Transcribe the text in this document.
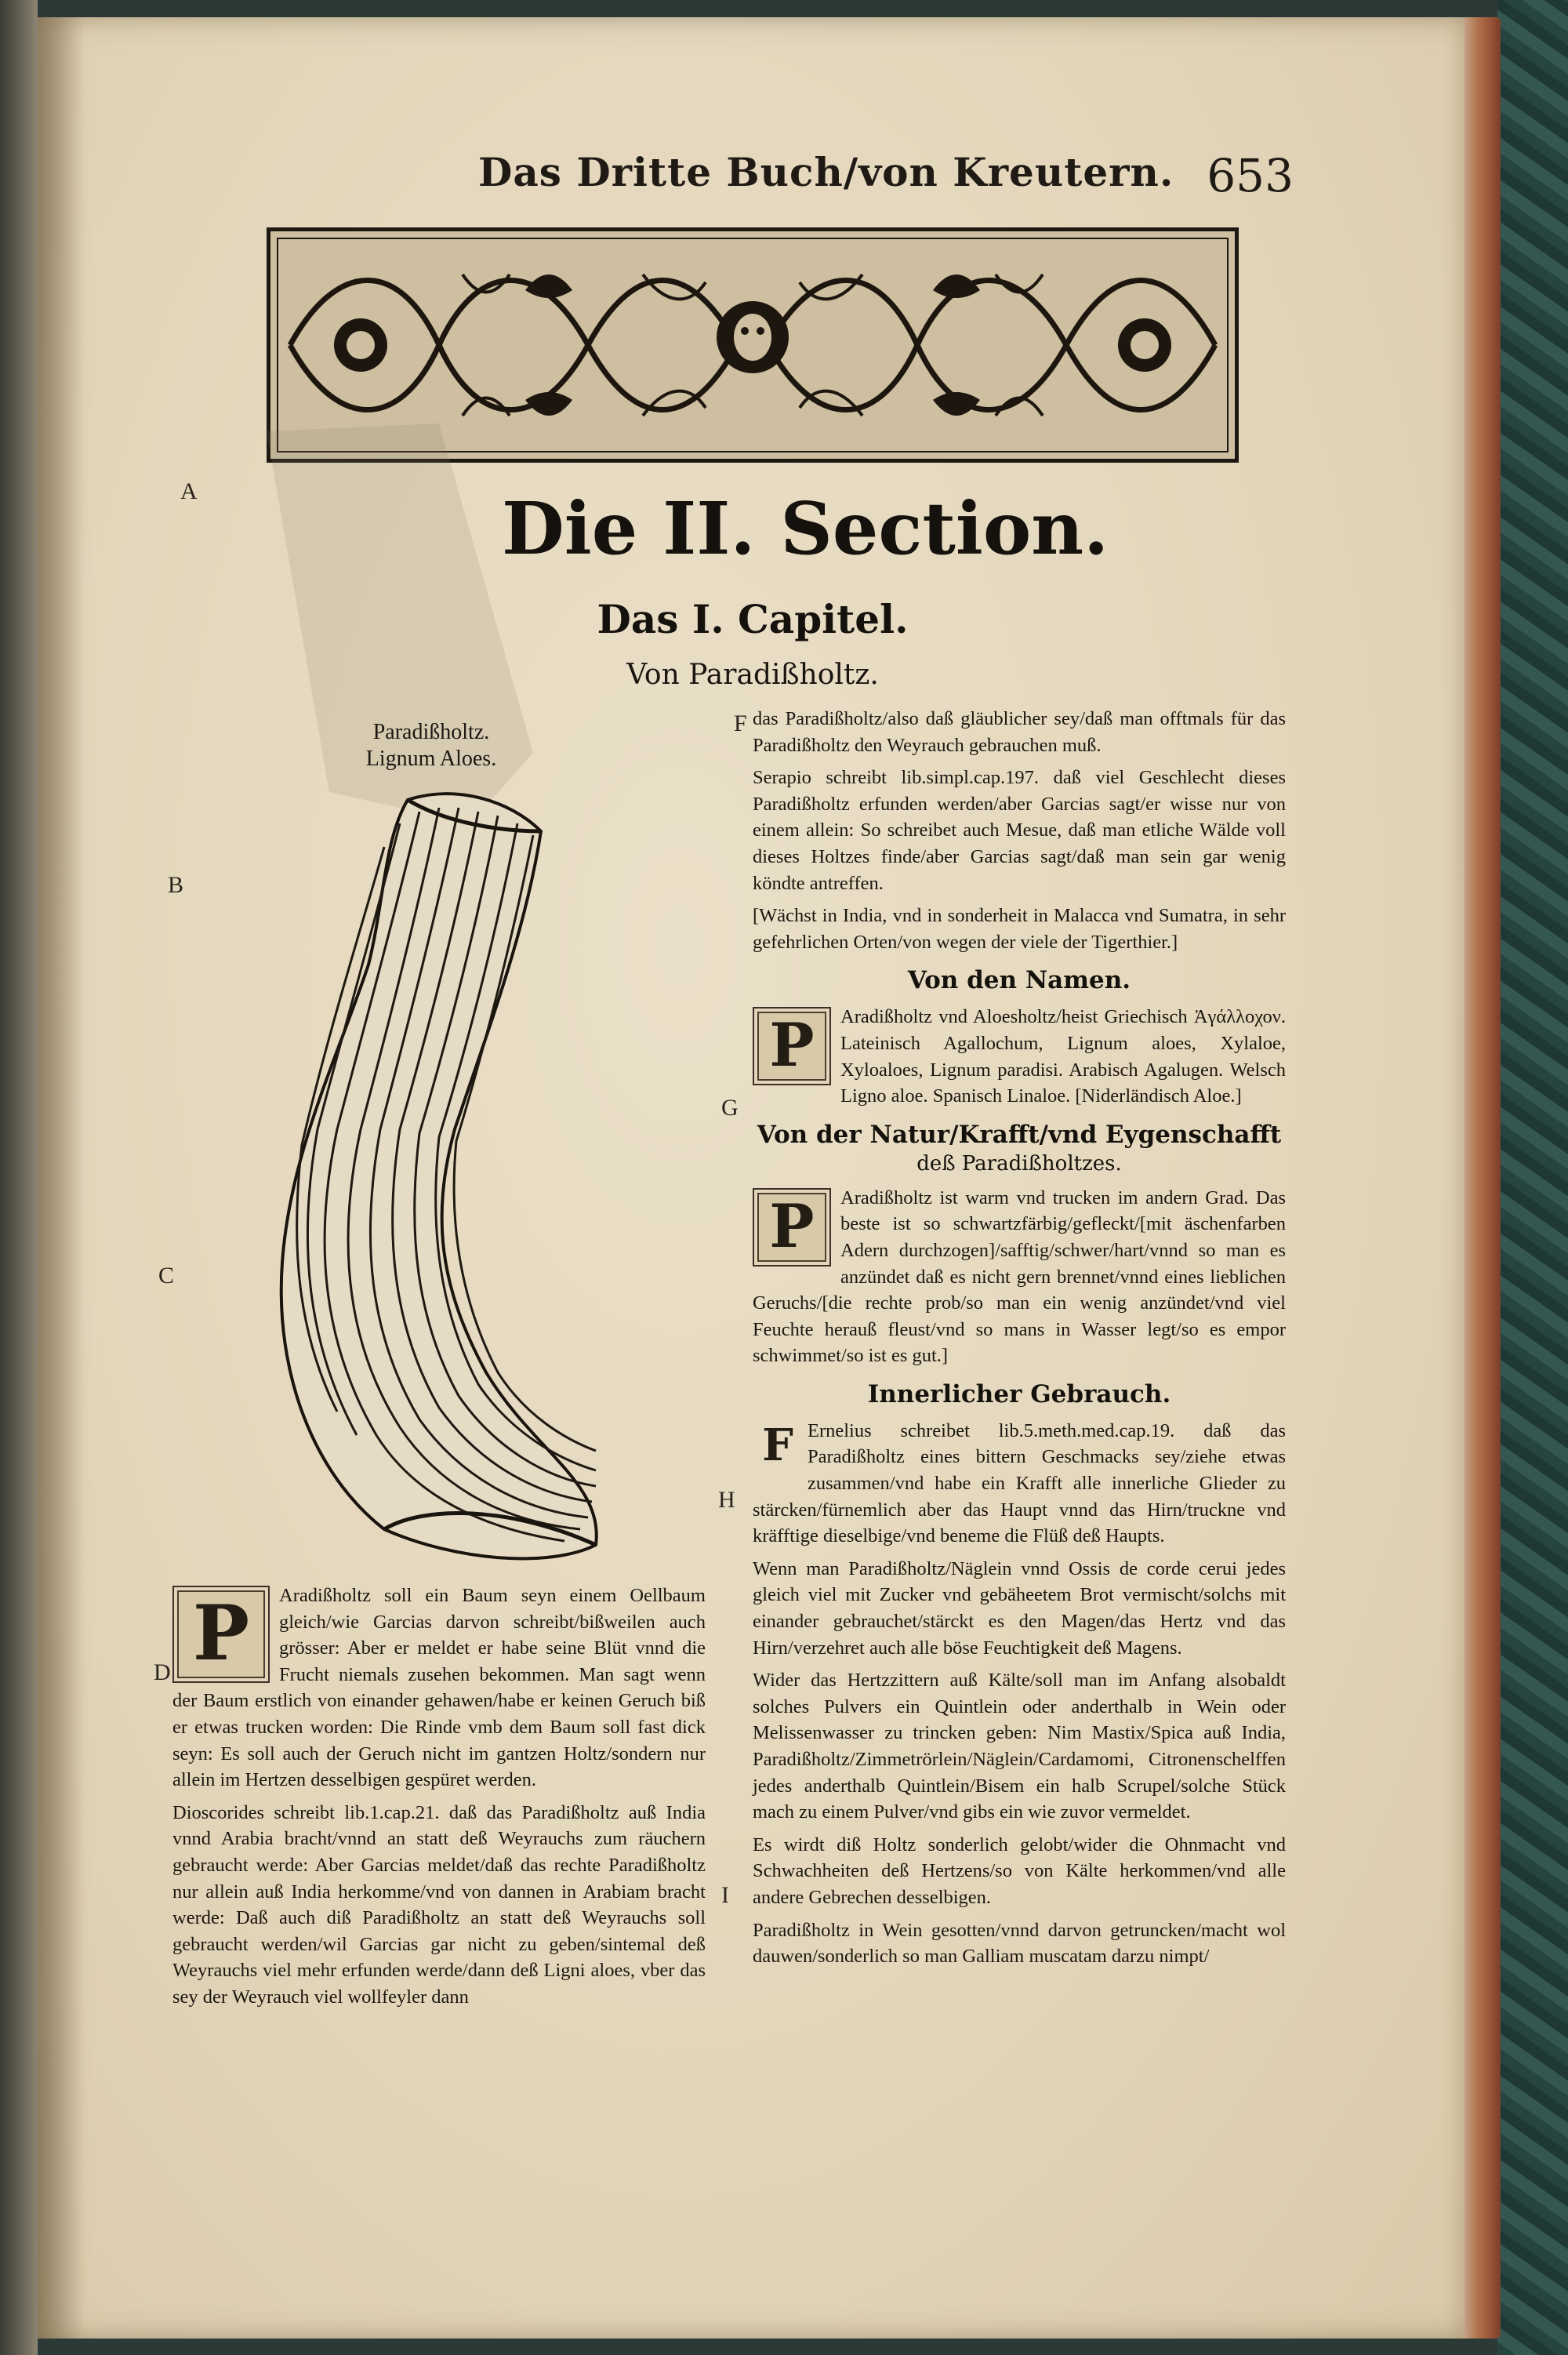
Das Dritte Buch/von Kreutern. 653
A
B
C
D
F
G
H
I
Die II. Section.
Das I. Capitel.
Von Paradißholtz.
Paradißholtz.
Lignum Aloes.
P	Aradißholtz soll ein Baum seyn einem Oellbaum gleich/wie Garcias darvon schreibt/bißweilen auch grösser: Aber er meldet er habe seine Blüt vnnd die Frucht niemals zusehen bekommen. Man sagt wenn der Baum erstlich von einander gehawen/habe er keinen Geruch biß er etwas trucken worden: Die Rinde vmb dem Baum soll fast dick seyn: Es soll auch der Geruch nicht im gantzen Holtz/sondern nur allein im Hertzen desselbigen gespüret werden.

Dioscorides schreibt lib.1.cap.21. daß das Paradißholtz auß India vnnd Arabia bracht/vnnd an statt deß Weyrauchs zum räuchern gebraucht werde: Aber Garcias meldet/daß das rechte Paradißholtz nur allein auß India herkomme/vnd von dannen in Arabiam bracht werde: Daß auch diß Paradißholtz an statt deß Weyrauchs soll gebraucht werden/wil Garcias gar nicht zu geben/sintemal deß Weyrauchs viel mehr erfunden werde/dann deß Ligni aloes, vber das sey der Weyrauch viel wollfeyler dann

das Paradißholtz/also daß gläublicher sey/daß man offtmals für das Paradißholtz den Weyrauch gebrauchen muß.

Serapio schreibt lib.simpl.cap.197. daß viel Geschlecht dieses Paradißholtz erfunden werden/aber Garcias sagt/er wisse nur von einem allein: So schreibet auch Mesue, daß man etliche Wälde voll dieses Holtzes finde/aber Garcias sagt/daß man sein gar wenig köndte antreffen.

[Wächst in India, vnd in sonderheit in Malacca vnd Sumatra, in sehr gefehrlichen Orten/von wegen der viele der Tigerthier.]

Von den Namen.
P	Aradißholtz vnd Aloesholtz/heist Griechisch Ἀγάλλοχον. Lateinisch Agallochum, Lignum aloes, Xylaloe, Xyloaloes, Lignum paradisi. Arabisch Agalugen. Welsch Ligno aloe. Spanisch Linaloe. [Niderländisch Aloe.]

Von der Natur/Krafft/vnd Eygenschafft
deß Paradißholtzes.
P	Aradißholtz ist warm vnd trucken im andern Grad. Das beste ist so schwartzfärbig/gefleckt/[mit äschenfarben Adern durchzogen]/safftig/schwer/hart/vnnd so man es anzündet daß es nicht gern brennet/vnnd eines lieblichen Geruchs/[die rechte prob/so man ein wenig anzündet/vnd viel Feuchte herauß fleust/vnd so mans in Wasser legt/so es empor schwimmet/so ist es gut.]

Innerlicher Gebrauch.
F Ernelius schreibet lib.5.meth.med.cap.19. daß das Paradißholtz eines bittern Geschmacks sey/ziehe etwas zusammen/vnd habe ein Krafft alle innerliche Glieder zu stärcken/fürnemlich aber das Haupt vnnd das Hirn/truckne vnd kräfftige dieselbige/vnd beneme die Flüß deß Haupts.

Wenn man Paradißholtz/Näglein vnnd Ossis de corde cerui jedes gleich viel mit Zucker vnd gebäheetem Brot vermischt/solchs mit einander gebrauchet/stärckt es den Magen/das Hertz vnd das Hirn/verzehret auch alle böse Feuchtigkeit deß Magens.

Wider das Hertzzittern auß Kälte/soll man im Anfang alsobaldt solches Pulvers ein Quintlein oder anderthalb in Wein oder Melissenwasser zu trincken geben: Nim Mastix/Spica auß India, Paradißholtz/Zimmetrörlein/Näglein/Cardamomi, Citronenschelffen jedes anderthalb Quintlein/Bisem ein halb Scrupel/solche Stück mach zu einem Pulver/vnd gibs ein wie zuvor vermeldet.

Es wirdt diß Holtz sonderlich gelobt/wider die Ohnmacht vnd Schwachheiten deß Hertzens/so von Kälte herkommen/vnd alle andere Gebrechen desselbigen.

Paradißholtz in Wein gesotten/vnnd darvon getruncken/macht wol dauwen/sonderlich so man Galliam muscatam darzu nimpt/
